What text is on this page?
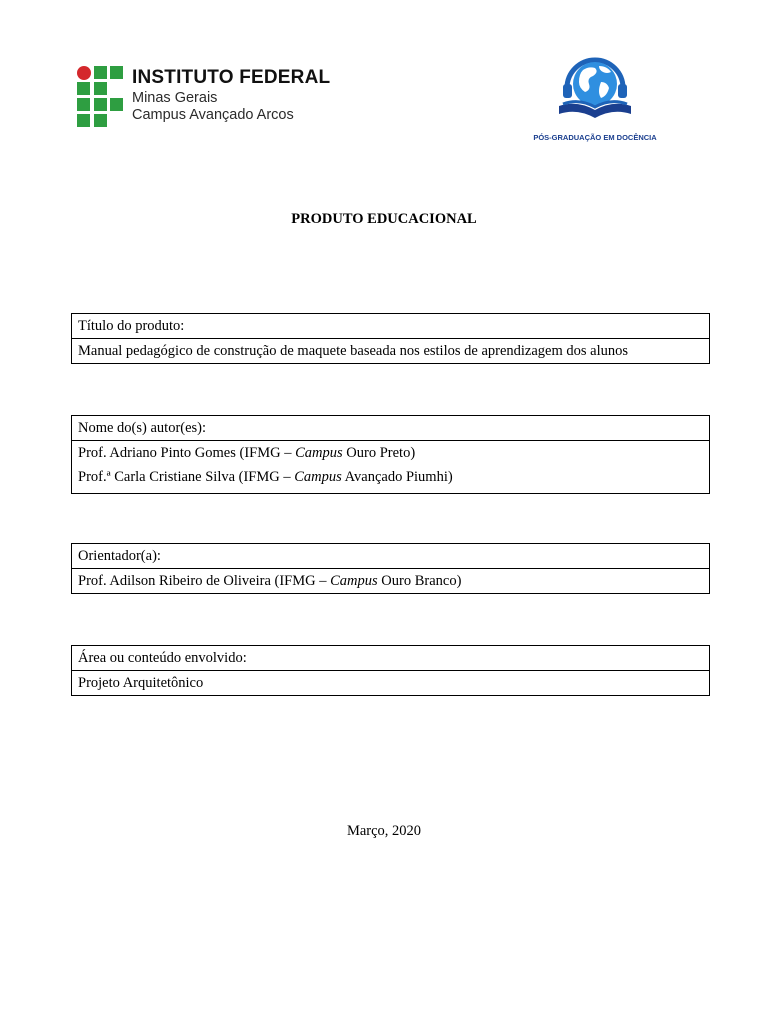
INSTITUTO FEDERAL
Minas Gerais
Campus Avançado Arcos
PÓS-GRADUAÇÃO EM DOCÊNCIA
PRODUTO EDUCACIONAL
Título do produto:
Manual pedagógico de construção de maquete baseada nos estilos de aprendizagem dos alunos
Nome do(s) autor(es):
Prof. Adriano Pinto Gomes (IFMG – Campus Ouro Preto)
Prof.ª Carla Cristiane Silva (IFMG – Campus Avançado Piumhi)
Orientador(a):
Prof. Adilson Ribeiro de Oliveira (IFMG – Campus Ouro Branco)
Área ou conteúdo envolvido:
Projeto Arquitetônico
Março, 2020
